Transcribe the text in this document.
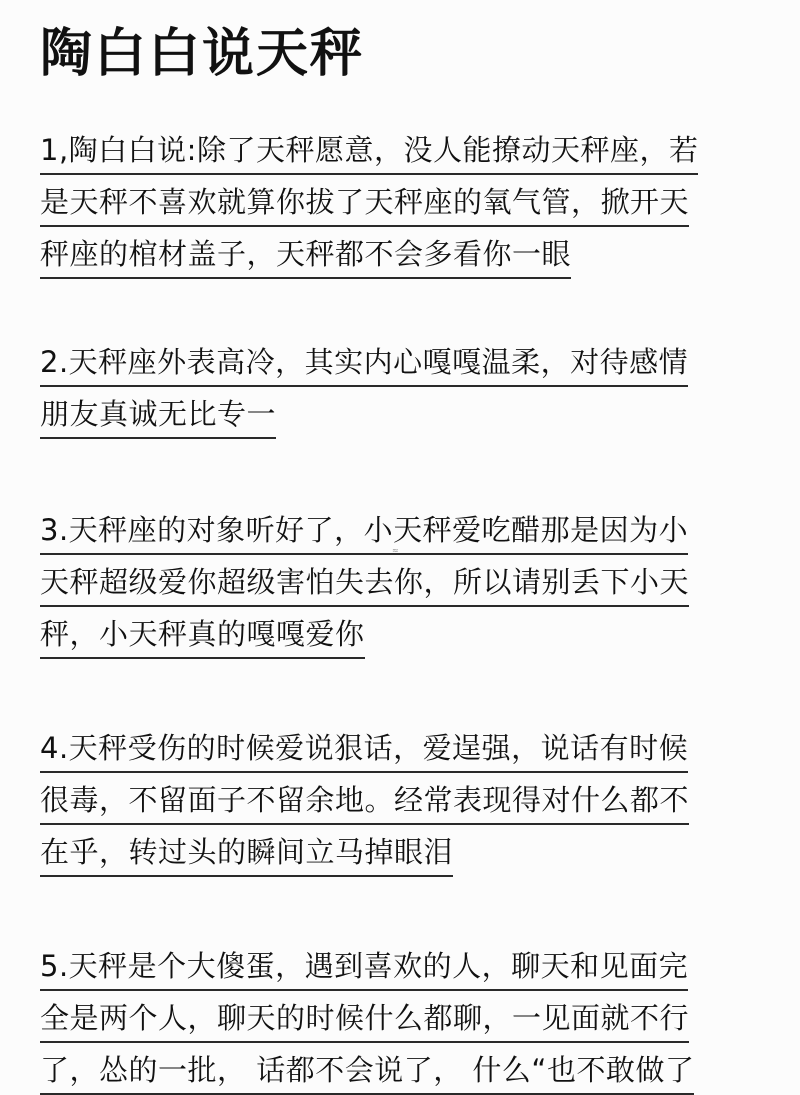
陶白白说天秤
1,陶白白说:除了天秤愿意，没人能撩动天秤座，若
是天秤不喜欢就算你拔了天秤座的氧气管，掀开天
秤座的棺材盖子，天秤都不会多看你一眼
2.天秤座外表高冷，其实内心嘎嘎温柔，对待感情
朋友真诚无比专一
3.天秤座的对象听好了，小天秤爱吃醋那是因为小
天秤超级爱你超级害怕失去你，所以请别丢下小天
秤，小天秤真的嘎嘎爱你
4.天秤受伤的时候爱说狠话，爱逞强，说话有时候
很毒，不留面子不留余地。经常表现得对什么都不
在乎，转过头的瞬间立马掉眼泪
5.天秤是个大傻蛋，遇到喜欢的人，聊天和见面完
全是两个人，聊天的时候什么都聊，一见面就不行
了，怂的一批， 话都不会说了， 什么“也不敢做了
≈
